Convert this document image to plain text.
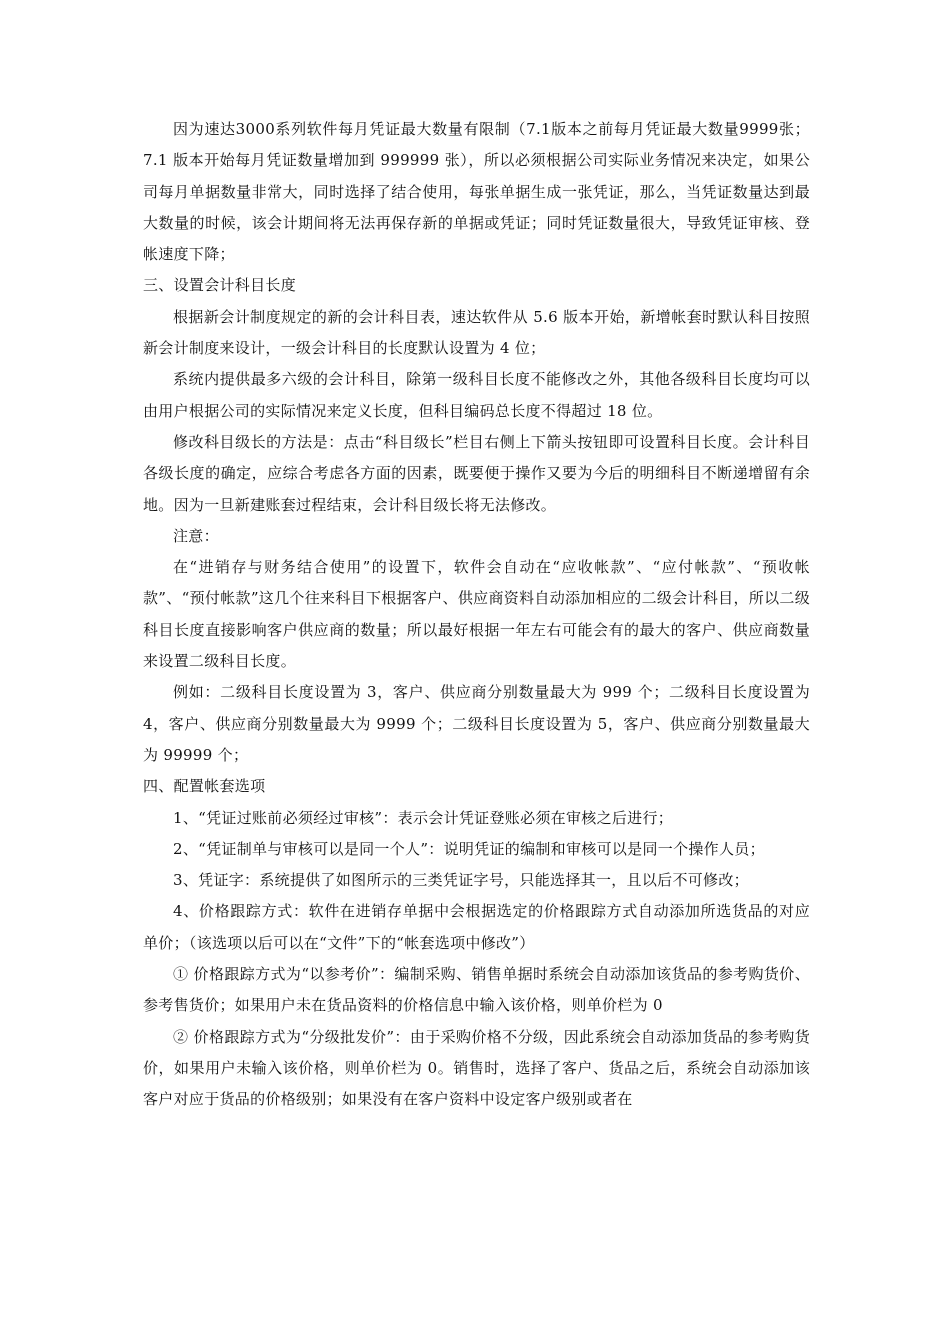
因为速达3000系列软件每月凭证最大数量有限制（7.1版本之前每月凭证最大数量9999张；7.1 版本开始每月凭证数量增加到 999999 张），所以必须根据公司实际业务情况来决定，如果公司每月单据数量非常大，同时选择了结合使用，每张单据生成一张凭证，那么，当凭证数量达到最大数量的时候，该会计期间将无法再保存新的单据或凭证；同时凭证数量很大，导致凭证审核、登帐速度下降；

三、设置会计科目长度

根据新会计制度规定的新的会计科目表，速达软件从 5.6 版本开始，新增帐套时默认科目按照新会计制度来设计，一级会计科目的长度默认设置为 4 位；

系统内提供最多六级的会计科目，除第一级科目长度不能修改之外，其他各级科目长度均可以由用户根据公司的实际情况来定义长度，但科目编码总长度不得超过 18 位。

修改科目级长的方法是：点击“科目级长”栏目右侧上下箭头按钮即可设置科目长度。会计科目各级长度的确定，应综合考虑各方面的因素，既要便于操作又要为今后的明细科目不断递增留有余地。因为一旦新建账套过程结束，会计科目级长将无法修改。

注意：

在“进销存与财务结合使用”的设置下，软件会自动在“应收帐款”、“应付帐款”、“预收帐款”、“预付帐款”这几个往来科目下根据客户、供应商资料自动添加相应的二级会计科目，所以二级科目长度直接影响客户供应商的数量；所以最好根据一年左右可能会有的最大的客户、供应商数量来设置二级科目长度。

例如：二级科目长度设置为 3，客户、供应商分别数量最大为 999 个；二级科目长度设置为 4，客户、供应商分别数量最大为 9999 个；二级科目长度设置为 5，客户、供应商分别数量最大为 99999 个；

四、配置帐套选项

1、“凭证过账前必须经过审核”：表示会计凭证登账必须在审核之后进行；

2、“凭证制单与审核可以是同一个人”：说明凭证的编制和审核可以是同一个操作人员；

3、凭证字：系统提供了如图所示的三类凭证字号，只能选择其一，且以后不可修改；

4、价格跟踪方式：软件在进销存单据中会根据选定的价格跟踪方式自动添加所选货品的对应单价；（该选项以后可以在“文件”下的“帐套选项中修改”）

① 价格跟踪方式为“以参考价”：编制采购、销售单据时系统会自动添加该货品的参考购货价、参考售货价；如果用户未在货品资料的价格信息中输入该价格，则单价栏为 0

② 价格跟踪方式为“分级批发价”：由于采购价格不分级，因此系统会自动添加货品的参考购货价，如果用户未输入该价格，则单价栏为 0。销售时，选择了客户、货品之后，系统会自动添加该客户对应于货品的价格级别；如果没有在客户资料中设定客户级别或者在
